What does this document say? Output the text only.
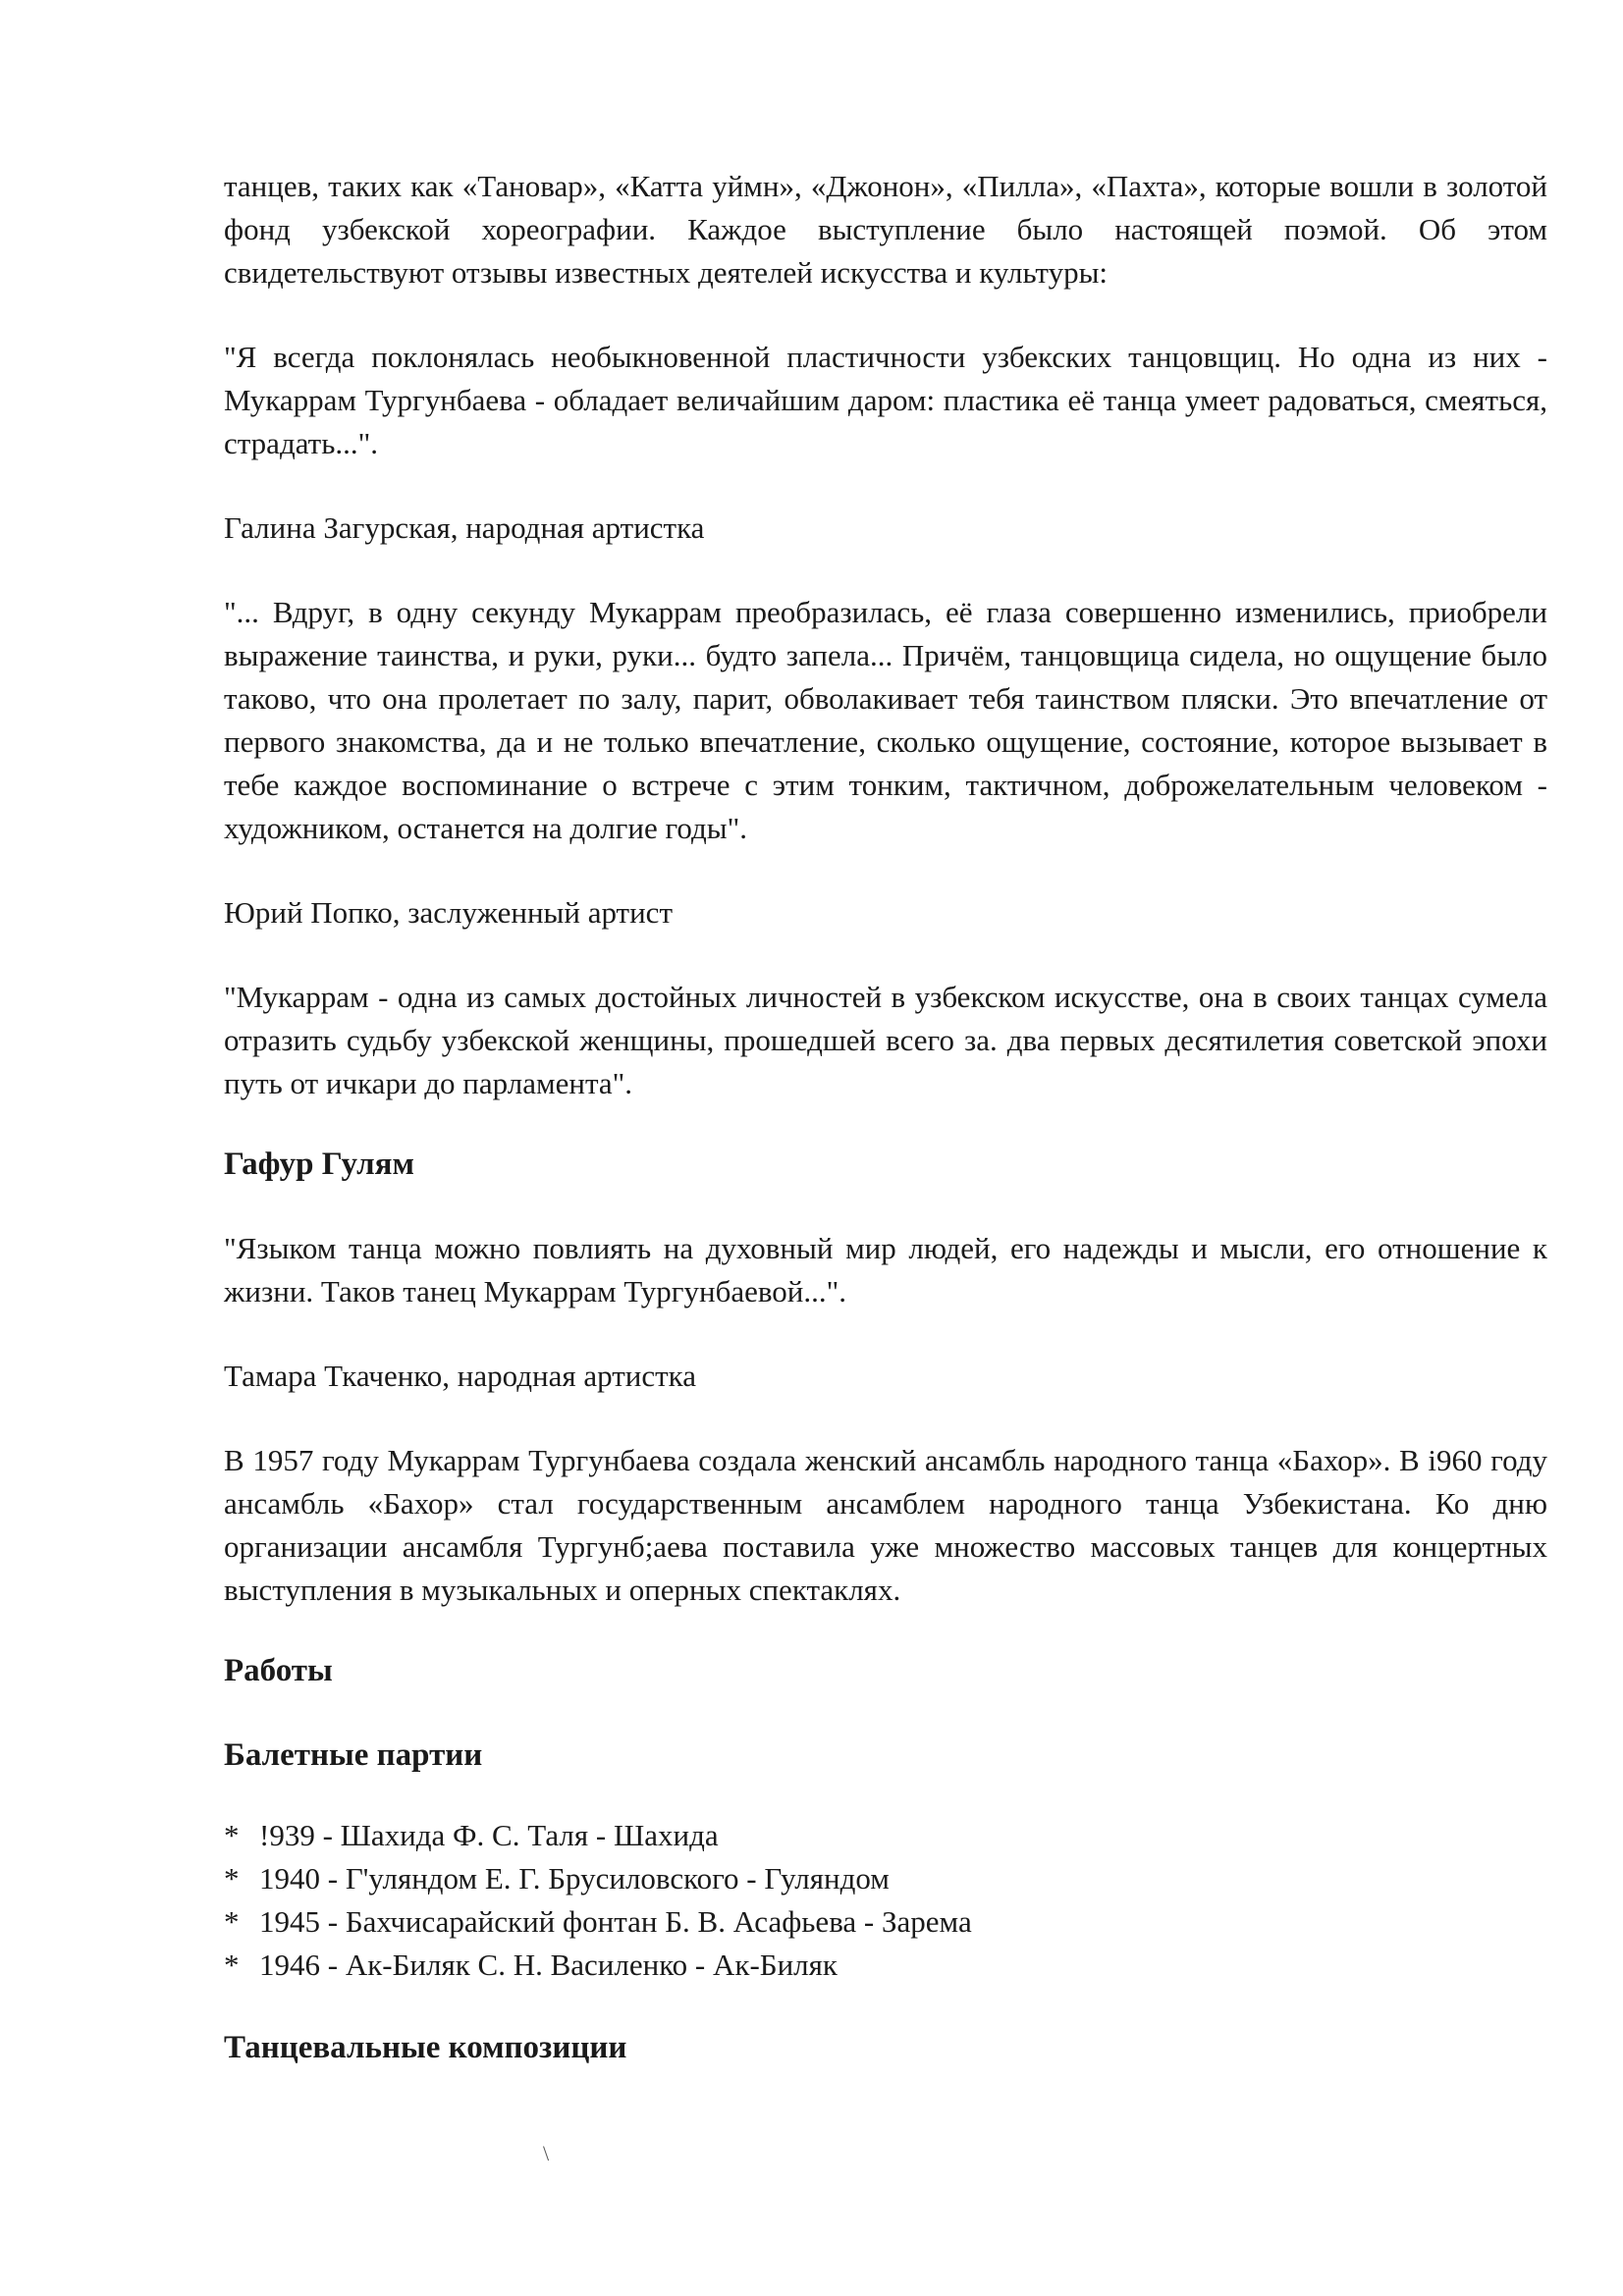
танцев, таких как «Тановар», «Катта уймн», «Джонон», «Пилла», «Пахта», которые вошли в золотой фонд узбекской хореографии. Каждое выступление было настоящей поэмой. Об этом свидетельствуют отзывы известных деятелей искусства и культуры:

"Я всегда поклонялась необыкновенной пластичности узбекских танцовщиц. Но одна из них - Мукаррам Тургунбаева - обладает величайшим даром: пластика её танца умеет радоваться, смеяться, страдать...".

Галина Загурская, народная артистка

"... Вдруг, в одну секунду Мукаррам преобразилась, её глаза совершенно изменились, приобрели выражение таинства, и руки, руки... будто запела... Причём, танцовщица сидела, но ощущение было таково, что она пролетает по залу, парит, обволакивает тебя таинством пляски. Это впечатление от первого знакомства, да и не только впечатление, сколько ощущение, состояние, которое вызывает в тебе каждое воспоминание о встрече с этим тонким, тактичном, доброжелательным человеком - художником, останется на долгие годы".

Юрий Попко, заслуженный артист

"Мукаррам - одна из самых достойных личностей в узбекском искусстве, она в своих танцах сумела отразить судьбу узбекской женщины, прошедшей всего за. два первых десятилетия советской эпохи путь от ичкари до парламента".

Гафур Гулям

"Языком танца можно повлиять на духовный мир людей, его надежды и мысли, его отношение к жизни. Таков танец Мукаррам Тургунбаевой...".

Тамара Ткаченко, народная артистка

В 1957 году Мукаррам Тургунбаева создала женский ансамбль народного танца «Бахор». В i960 году ансамбль «Бахор» стал государственным ансамблем народного танца Узбекистана. Ко дню организации ансамбля Тургунб;аева поставила уже множество массовых танцев для концертных выступления в музыкальных и оперных спектаклях.

Работы
Балетные партии
* !939 - Шахида Ф. С. Таля - Шахида
* 1940 - Г'уляндом Е. Г. Брусиловского - Гуляндом
* 1945 - Бахчисарайский фонтан Б. В. Асафьева - Зарема
* 1946 - Ак-Биляк С. Н. Василенко - Ак-Биляк
Танцевальные композиции
\
